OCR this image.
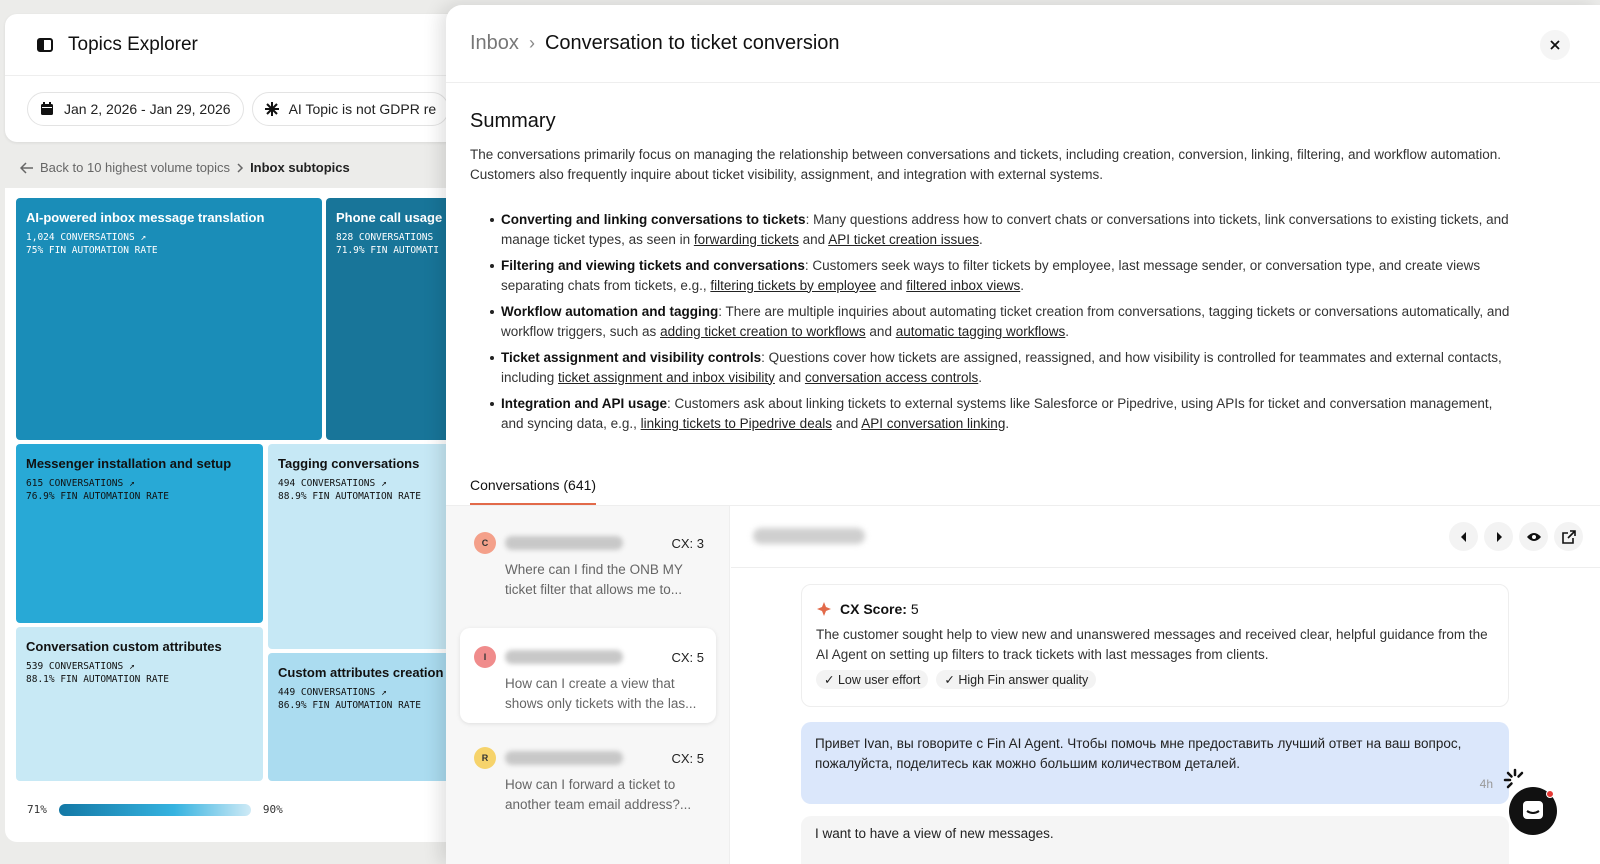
Topics Explorer
Jan 2, 2026 - Jan 29, 2026	AI Topic is not GDPR re
Back to 10 highest volume topics Inbox subtopics
AI-powered inbox message translation
1,024 CONVERSATIONS ↗
75% FIN AUTOMATION RATE
Phone call usage
828 CONVERSATIONS
71.9% FIN AUTOMATI
Messenger installation and setup
615 CONVERSATIONS ↗
76.9% FIN AUTOMATION RATE
Tagging conversations
494 CONVERSATIONS ↗
88.9% FIN AUTOMATION RATE
Conversation custom attributes
539 CONVERSATIONS ↗
88.1% FIN AUTOMATION RATE	Custom attributes creation
449 CONVERSATIONS ↗
86.9% FIN AUTOMATION RATE
71%	90%
Inbox › Conversation to ticket conversion
Summary

The conversations primarily focus on managing the relationship between conversations and tickets, including creation, conversion, linking, filtering, and workflow automation. Customers also frequently inquire about ticket visibility, assignment, and integration with external systems.

Converting and linking conversations to tickets: Many questions address how to convert chats or conversations into tickets, link conversations to existing tickets, and manage ticket types, as seen in forwarding tickets and API ticket creation issues.
Filtering and viewing tickets and conversations: Customers seek ways to filter tickets by employee, last message sender, or conversation type, and create views separating chats from tickets, e.g., filtering tickets by employee and filtered inbox views.
Workflow automation and tagging: There are multiple inquiries about automating ticket creation from conversations, tagging tickets or conversations automatically, and workflow triggers, such as adding ticket creation to workflows and automatic tagging workflows.
Ticket assignment and visibility controls: Questions cover how tickets are assigned, reassigned, and how visibility is controlled for teammates and external contacts, including ticket assignment and inbox visibility and conversation access controls.
Integration and API usage: Customers ask about linking tickets to external systems like Salesforce or Pipedrive, using APIs for ticket and conversation management, and syncing data, e.g., linking tickets to Pipedrive deals and API conversation linking.
Conversations (641)
C	CX: 3
Where can I find the ONB MY ticket filter that allows me to...
I	CX: 5
How can I create a view that shows only tickets with the las...
R	CX: 5
How can I forward a ticket to another team email address?...
CX Score:
5
The customer sought help to view new and unanswered messages and received clear, helpful guidance from the AI Agent on setting up filters to track tickets with last messages from clients.
✓ Low user effort	✓ High Fin answer quality
Привет Ivan, вы говорите с Fin AI Agent. Чтобы помочь мне предоставить лучший ответ на ваш вопрос, пожалуйста, поделитесь как можно большим количеством деталей.
4h
I want to have a view of new messages.
